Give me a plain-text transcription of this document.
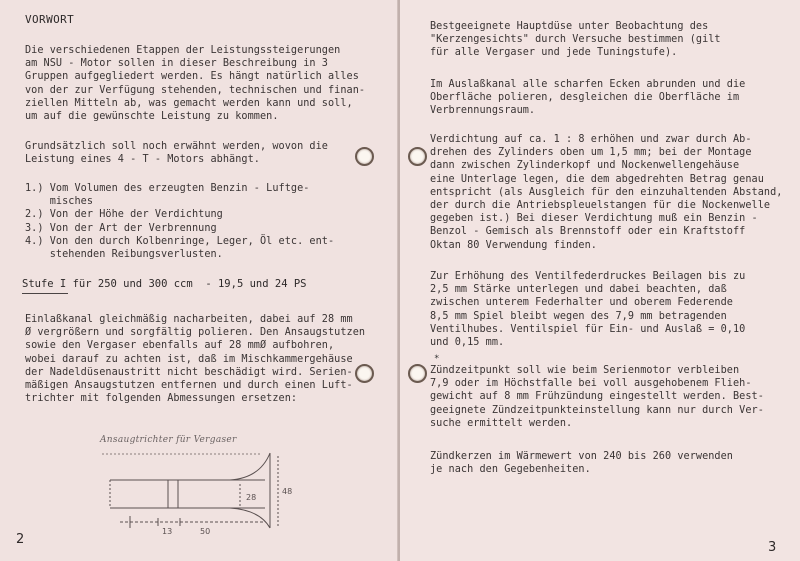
VORWORT
Die verschiedenen Etappen der Leistungssteigerungen
am NSU - Motor sollen in dieser Beschreibung in 3
Gruppen aufgegliedert werden. Es hängt natürlich alles
von der zur Verfügung stehenden, technischen und finan-
ziellen Mitteln ab, was gemacht werden kann und soll,
um auf die gewünschte Leistung zu kommen.
Grundsätzlich soll noch erwähnt werden, wovon die
Leistung eines 4 - T - Motors abhängt.
1.) Vom Volumen des erzeugten Benzin - Luftge-
misches
2.) Von der Höhe der Verdichtung
3.) Von der Art der Verbrennung
4.) Von den durch Kolbenringe, Leger, Öl etc. ent-
stehenden Reibungsverlusten.
Stufe I für 250 und 300 ccm  - 19,5 und 24 PS
Einlaßkanal gleichmäßig nacharbeiten, dabei auf 28 mm
Ø vergrößern und sorgfältig polieren. Den Ansaugstutzen
sowie den Vergaser ebenfalls auf 28 mmØ aufbohren,
wobei darauf zu achten ist, daß im Mischkammergehäuse
der Nadeldüsenaustritt nicht beschädigt wird. Serien-
mäßigen Ansaugstutzen entfernen und durch einen Luft-
trichter mit folgenden Abmessungen ersetzen:
Ansaugtrichter für Vergaser
13	50
28
48
2
Bestgeeignete Hauptdüse unter Beobachtung des
"Kerzengesichts" durch Versuche bestimmen (gilt
für alle Vergaser und jede Tuningstufe).
Im Auslaßkanal alle scharfen Ecken abrunden und die
Oberfläche polieren, desgleichen die Oberfläche im
Verbrennungsraum.
Verdichtung auf ca. 1 : 8 erhöhen und zwar durch Ab-
drehen des Zylinders oben um 1,5 mm; bei der Montage
dann zwischen Zylinderkopf und Nockenwellengehäuse
eine Unterlage legen, die dem abgedrehten Betrag genau
entspricht (als Ausgleich für den einzuhaltenden Abstand,
der durch die Antriebspleuelstangen für die Nockenwelle
gegeben ist.) Bei dieser Verdichtung muß ein Benzin -
Benzol - Gemisch als Brennstoff oder ein Kraftstoff
Oktan 80 Verwendung finden.
Zur Erhöhung des Ventilfederdruckes Beilagen bis zu
2,5 mm Stärke unterlegen und dabei beachten, daß
zwischen unterem Federhalter und oberem Federende
8,5 mm Spiel bleibt wegen des 7,9 mm betragenden
Ventilhubes. Ventilspiel für Ein- und Auslaß = 0,10
und 0,15 mm.
*
Zündzeitpunkt soll wie beim Serienmotor verbleiben
7,9 oder im Höchstfalle bei voll ausgehobenem Flieh-
gewicht auf 8 mm Frühzündung eingestellt werden. Best-
geeignete Zündzeitpunkteinstellung kann nur durch Ver-
suche ermittelt werden.
Zündkerzen im Wärmewert von 240 bis 260 verwenden
je nach den Gegebenheiten.
3
